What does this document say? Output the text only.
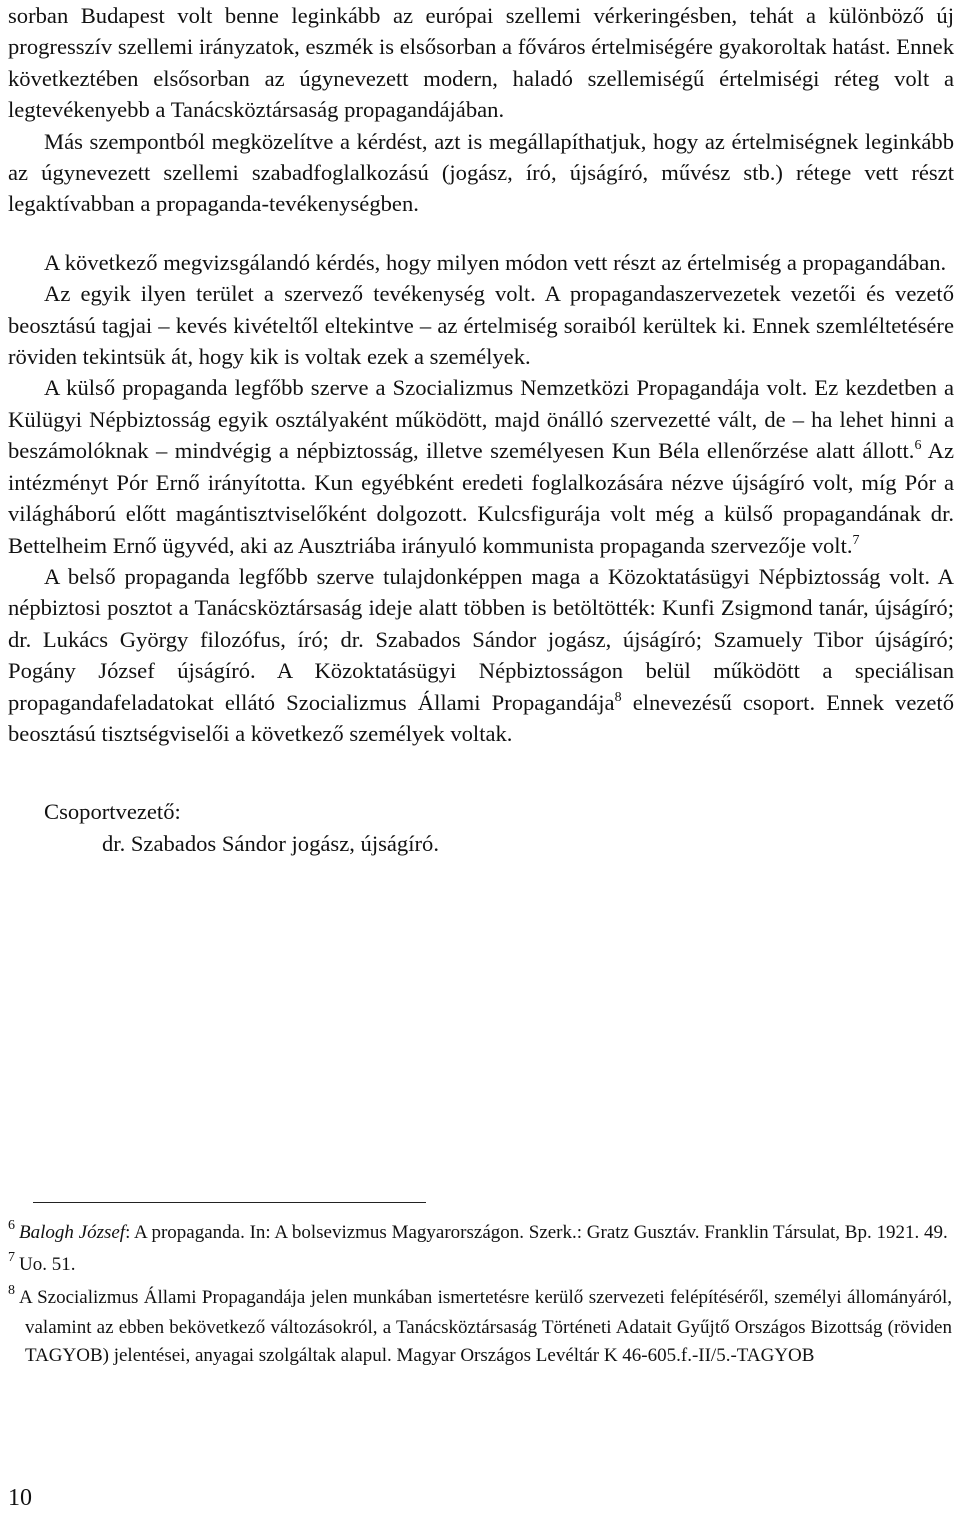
sorban Budapest volt benne leginkább az európai szellemi vérkeringésben, tehát a különböző új progresszív szellemi irányzatok, eszmék is elsősorban a főváros értelmiségére gyakoroltak hatást. Ennek következtében elsősorban az úgynevezett modern, haladó szellemiségű értelmiségi réteg volt a legtevékenyebb a Tanácsköztársaság propagandájában.

Más szempontból megközelítve a kérdést, azt is megállapíthatjuk, hogy az értelmiségnek leginkább az úgynevezett szellemi szabadfoglalkozású (jogász, író, újságíró, művész stb.) rétege vett részt legaktívabban a propaganda-tevékenységben.

A következő megvizsgálandó kérdés, hogy milyen módon vett részt az értelmiség a propagandában.

Az egyik ilyen terület a szervező tevékenység volt. A propagandaszervezetek vezetői és vezető beosztású tagjai – kevés kivételtől eltekintve – az értelmiség soraiból kerültek ki. Ennek szemléltetésére röviden tekintsük át, hogy kik is voltak ezek a személyek.

A külső propaganda legfőbb szerve a Szocializmus Nemzetközi Propagandája volt. Ez kezdetben a Külügyi Népbiztosság egyik osztályaként működött, majd önálló szervezetté vált, de – ha lehet hinni a beszámolóknak – mindvégig a népbiztosság, illetve személyesen Kun Béla ellenőrzése alatt állott.$^6$ Az intézményt Pór Ernő irányította. Kun egyébként eredeti foglalkozására nézve újságíró volt, míg Pór a világháború előtt magántisztviselőként dolgozott. Kulcsfigurája volt még a külső propagandának dr. Bettelheim Ernő ügyvéd, aki az Ausztriába irányuló kommunista propaganda szervezője volt.$^7$

A belső propaganda legfőbb szerve tulajdonképpen maga a Közoktatásügyi Népbiztosság volt. A népbiztosi posztot a Tanácsköztársaság ideje alatt többen is betöltötték: Kunfi Zsigmond tanár, újságíró; dr. Lukács György filozófus, író; dr. Szabados Sándor jogász, újságíró; Szamuely Tibor újságíró; Pogány József újságíró. A Közoktatásügyi Népbiztosságon belül működött a speciálisan propagandafeladatokat ellátó Szocializmus Állami Propagandája$^8$ elnevezésű csoport. Ennek vezető beosztású tisztségviselői a következő személyek voltak.

Csoportvezető:

dr. Szabados Sándor jogász, újságíró.

$^6$ Balogh József: A propaganda. In: A bolsevizmus Magyarországon. Szerk.: Gratz Gusztáv. Franklin Társulat, Bp. 1921. 49.

$^7$ Uo. 51.

$^8$ A Szocializmus Állami Propagandája jelen munkában ismertetésre kerülő szervezeti felépítéséről, személyi állományáról, valamint az ebben bekövetkező változásokról, a Tanácsköztársaság Történeti Adatait Gyűjtő Országos Bizottság (röviden TAGYOB) jelentései, anyagai szolgáltak alapul. Magyar Országos Levéltár K 46-605.f.-II/5.-TAGYOB

10
